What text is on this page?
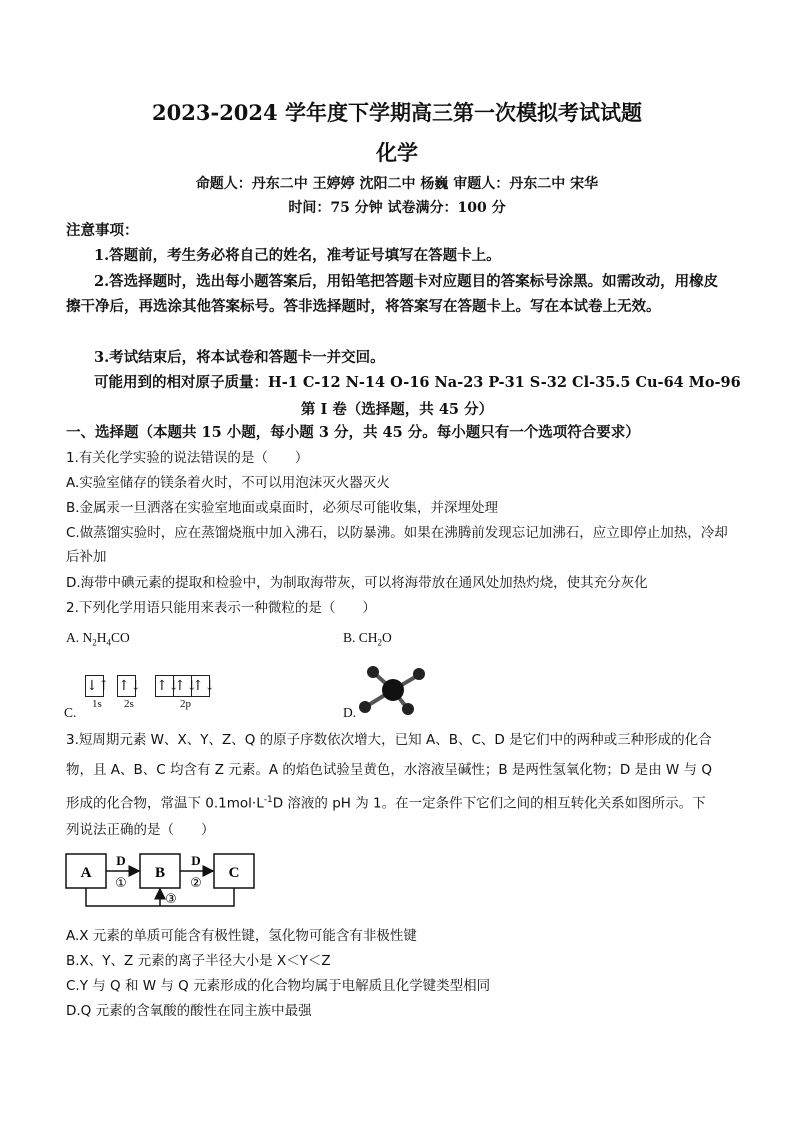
2023-2024 学年度下学期高三第一次模拟考试试题
化学
命题人：丹东二中 王婷婷 沈阳二中 杨巍 审题人：丹东二中 宋华
时间：75 分钟 试卷满分：100 分
注意事项：
1.答题前，考生务必将自己的姓名，准考证号填写在答题卡上。
2.答选择题时，选出每小题答案后，用铅笔把答题卡对应题目的答案标号涂黑。如需改动，用橡皮擦干净后，再选涂其他答案标号。答非选择题时，将答案写在答题卡上。写在本试卷上无效。
3.考试结束后，将本试卷和答题卡一并交回。
可能用到的相对原子质量：H-1 C-12 N-14 O-16 Na-23 P-31 S-32 Cl-35.5 Cu-64 Mo-96
第 I 卷（选择题，共 45 分）
一、选择题（本题共 15 小题，每小题 3 分，共 45 分。每小题只有一个选项符合要求）
1.有关化学实验的说法错误的是（　　）
A.实验室储存的镁条着火时，不可以用泡沫灭火器灭火
B.金属汞一旦洒落在实验室地面或桌面时，必须尽可能收集，并深埋处理
C.做蒸馏实验时，应在蒸馏烧瓶中加入沸石，以防暴沸。如果在沸腾前发现忘记加沸石，应立即停止加热，冷却后补加
D.海带中碘元素的提取和检验中，为制取海带灰，可以将海带放在通风处加热灼烧，使其充分灰化
2.下列化学用语只能用来表示一种微粒的是（　　）
A. $N_2H_4CO$	B. $CH_2O$
↓↑ ↑↓ ↑↓
↑↓
↑↓
1s 2s	2p
C.	D.
3.短周期元素 W、X、Y、Z、Q 的原子序数依次增大，已知 A、B、C、D 是它们中的两种或三种形成的化合
物，且 A、B、C 均含有 Z 元素。A 的焰色试验呈黄色，水溶液呈碱性；B 是两性氢氧化物；D 是由 W 与 Q
形成的化合物，常温下 $0.1mol\cdot L^{-1}D$ 溶液的 pH 为 1。在一定条件下它们之间的相互转化关系如图所示。下
列说法正确的是（　　）
A	B	C
D
①
D
②
③
A.X 元素的单质可能含有极性键，氢化物可能含有非极性键
B.X、Y、Z 元素的离子半径大小是 X＜Y＜Z
C.Y 与 Q 和 W 与 Q 元素形成的化合物均属于电解质且化学键类型相同
D.Q 元素的含氧酸的酸性在同主族中最强
